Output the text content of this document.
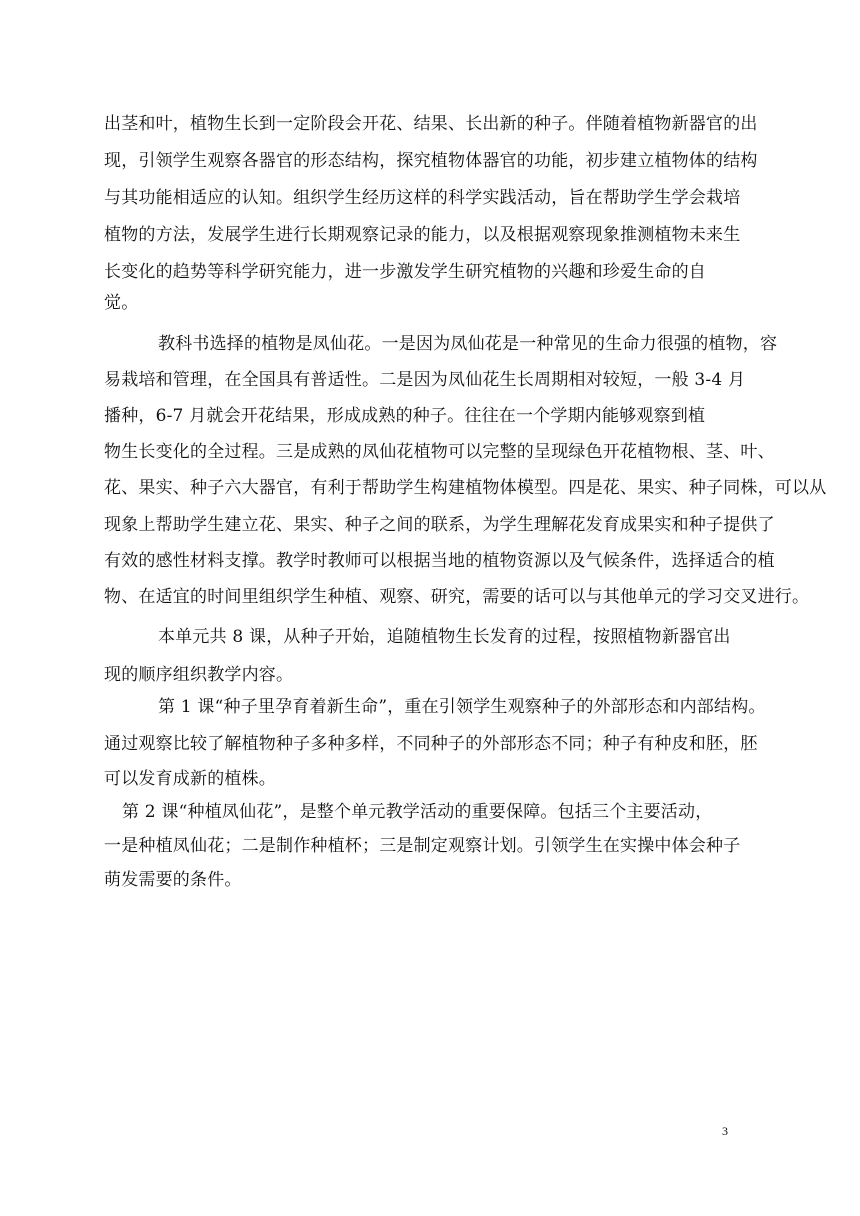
出茎和叶，植物生长到一定阶段会开花、结果、长出新的种子。伴随着植物新器官的出
现，引领学生观察各器官的形态结构，探究植物体器官的功能，初步建立植物体的结构
与其功能相适应的认知。组织学生经历这样的科学实践活动，旨在帮助学生学会栽培
植物的方法，发展学生进行长期观察记录的能力，以及根据观察现象推测植物未来生
长变化的趋势等科学研究能力，进一步激发学生研究植物的兴趣和珍爱生命的自
觉。
教科书选择的植物是凤仙花。一是因为凤仙花是一种常见的生命力很强的植物，容
易栽培和管理，在全国具有普适性。二是因为凤仙花生长周期相对较短，一般 3-4 月
播种，6-7 月就会开花结果，形成成熟的种子。往往在一个学期内能够观察到植
物生长变化的全过程。三是成熟的凤仙花植物可以完整的呈现绿色开花植物根、茎、叶、
花、果实、种子六大器官，有利于帮助学生构建植物体模型。四是花、果实、种子同株，可以从
现象上帮助学生建立花、果实、种子之间的联系，为学生理解花发育成果实和种子提供了
有效的感性材料支撑。教学时教师可以根据当地的植物资源以及气候条件，选择适合的植
物、在适宜的时间里组织学生种植、观察、研究，需要的话可以与其他单元的学习交叉进行。
本单元共 8 课，从种子开始，追随植物生长发育的过程，按照植物新器官出
现的顺序组织教学内容。
第 1 课“种子里孕育着新生命”，重在引领学生观察种子的外部形态和内部结构。
通过观察比较了解植物种子多种多样，不同种子的外部形态不同；种子有种皮和胚，胚
可以发育成新的植株。
第 2 课“种植凤仙花”，是整个单元教学活动的重要保障。包括三个主要活动，
一是种植凤仙花；二是制作种植杯；三是制定观察计划。引领学生在实操中体会种子
萌发需要的条件。
3
